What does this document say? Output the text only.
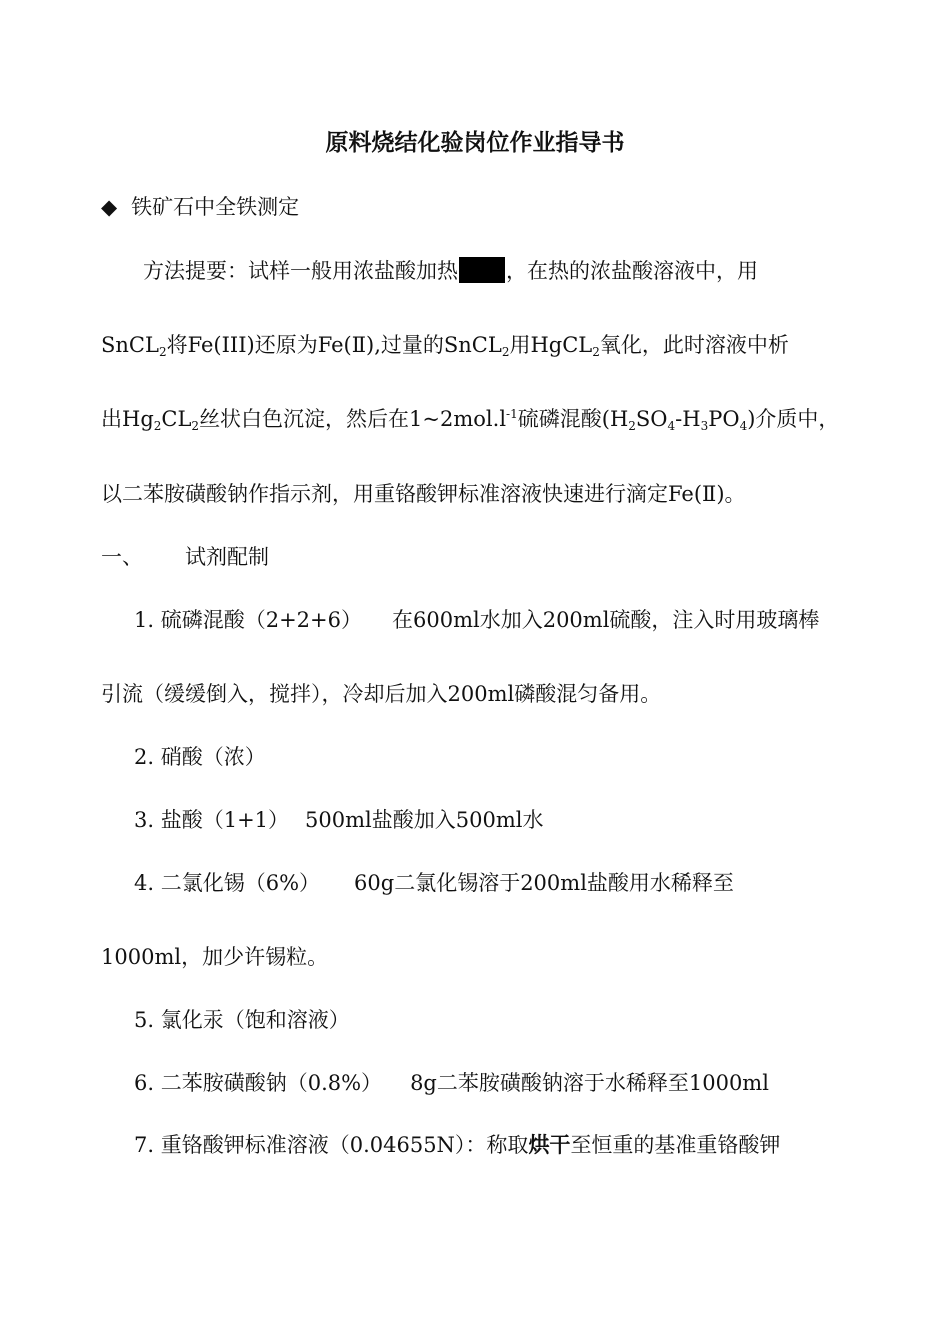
原料烧结化验岗位作业指导书
◆ 铁矿石中全铁测定
方法提要：试样一般用浓盐酸加热 ，在热的浓盐酸溶液中，用
SnCL$_2$将Fe(III)还原为Fe(Ⅱ),过量的SnCL$_2$用HgCL$_2$氧化，此时溶液中析
出$Hg_2CL_2$丝状白色沉淀，然后在$1\sim 2mol.l^{-1}$硫磷混酸$(H_2SO_4-H_3PO_4)$介质中，
以二苯胺磺酸钠作指示剂，用重铬酸钾标准溶液快速进行滴定Fe(Ⅱ)。
一、 试剂配制
1. 硫磷混酸（2+2+6） 在600ml水加入200ml硫酸，注入时用玻璃棒
引流（缓缓倒入，搅拌），冷却后加入200ml磷酸混匀备用。
2. 硝酸（浓）
3. 盐酸（1+1） 500ml盐酸加入500ml水
4. 二氯化锡（6%） 60g二氯化锡溶于200ml盐酸用水稀释至
1000ml，加少许锡粒。
5. 氯化汞（饱和溶液）
6. 二苯胺磺酸钠（0.8%） 8g二苯胺磺酸钠溶于水稀释至1000ml
7. 重铬酸钾标准溶液（0.04655N）：称取烘干至恒重的基准重铬酸钾
